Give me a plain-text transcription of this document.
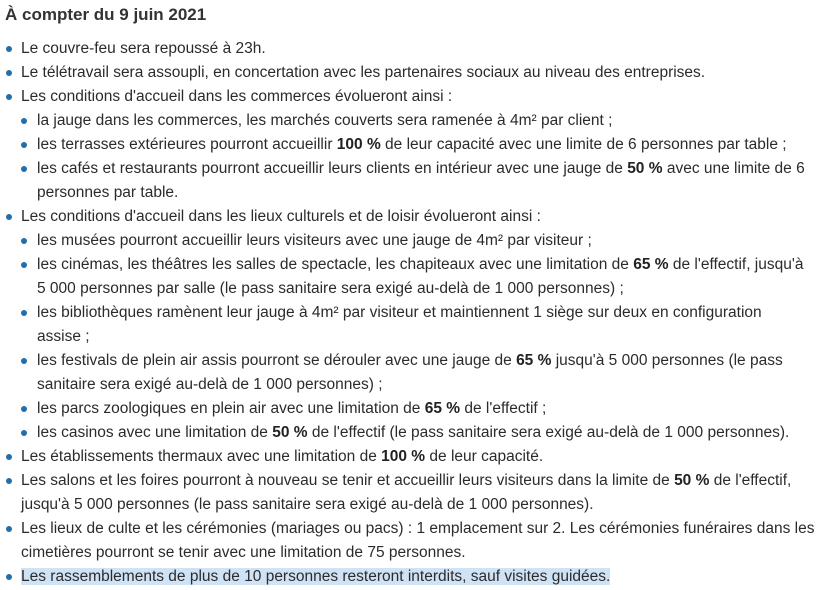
À compter du 9 juin 2021
Le couvre-feu sera repoussé à 23h.
Le télétravail sera assoupli, en concertation avec les partenaires sociaux au niveau des entreprises.
Les conditions d'accueil dans les commerces évolueront ainsi :
la jauge dans les commerces, les marchés couverts sera ramenée à 4m² par client ;
les terrasses extérieures pourront accueillir 100 % de leur capacité avec une limite de 6 personnes par table ;
les cafés et restaurants pourront accueillir leurs clients en intérieur avec une jauge de 50 % avec une limite de 6 personnes par table.
Les conditions d'accueil dans les lieux culturels et de loisir évolueront ainsi :
les musées pourront accueillir leurs visiteurs avec une jauge de 4m² par visiteur ;
les cinémas, les théâtres les salles de spectacle, les chapiteaux avec une limitation de 65 % de l'effectif, jusqu'à 5 000 personnes par salle (le pass sanitaire sera exigé au-delà de 1 000 personnes) ;
les bibliothèques ramènent leur jauge à 4m² par visiteur et maintiennent 1 siège sur deux en configuration assise ;
les festivals de plein air assis pourront se dérouler avec une jauge de 65 % jusqu'à 5 000 personnes (le pass sanitaire sera exigé au-delà de 1 000 personnes) ;
les parcs zoologiques en plein air avec une limitation de 65 % de l'effectif ;
les casinos avec une limitation de 50 % de l'effectif (le pass sanitaire sera exigé au-delà de 1 000 personnes).
Les établissements thermaux avec une limitation de 100 % de leur capacité.
Les salons et les foires pourront à nouveau se tenir et accueillir leurs visiteurs dans la limite de 50 % de l'effectif, jusqu'à 5 000 personnes (le pass sanitaire sera exigé au-delà de 1 000 personnes).
Les lieux de culte et les cérémonies (mariages ou pacs) : 1 emplacement sur 2. Les cérémonies funéraires dans les cimetières pourront se tenir avec une limitation de 75 personnes.
Les rassemblements de plus de 10 personnes resteront interdits, sauf visites guidées.
